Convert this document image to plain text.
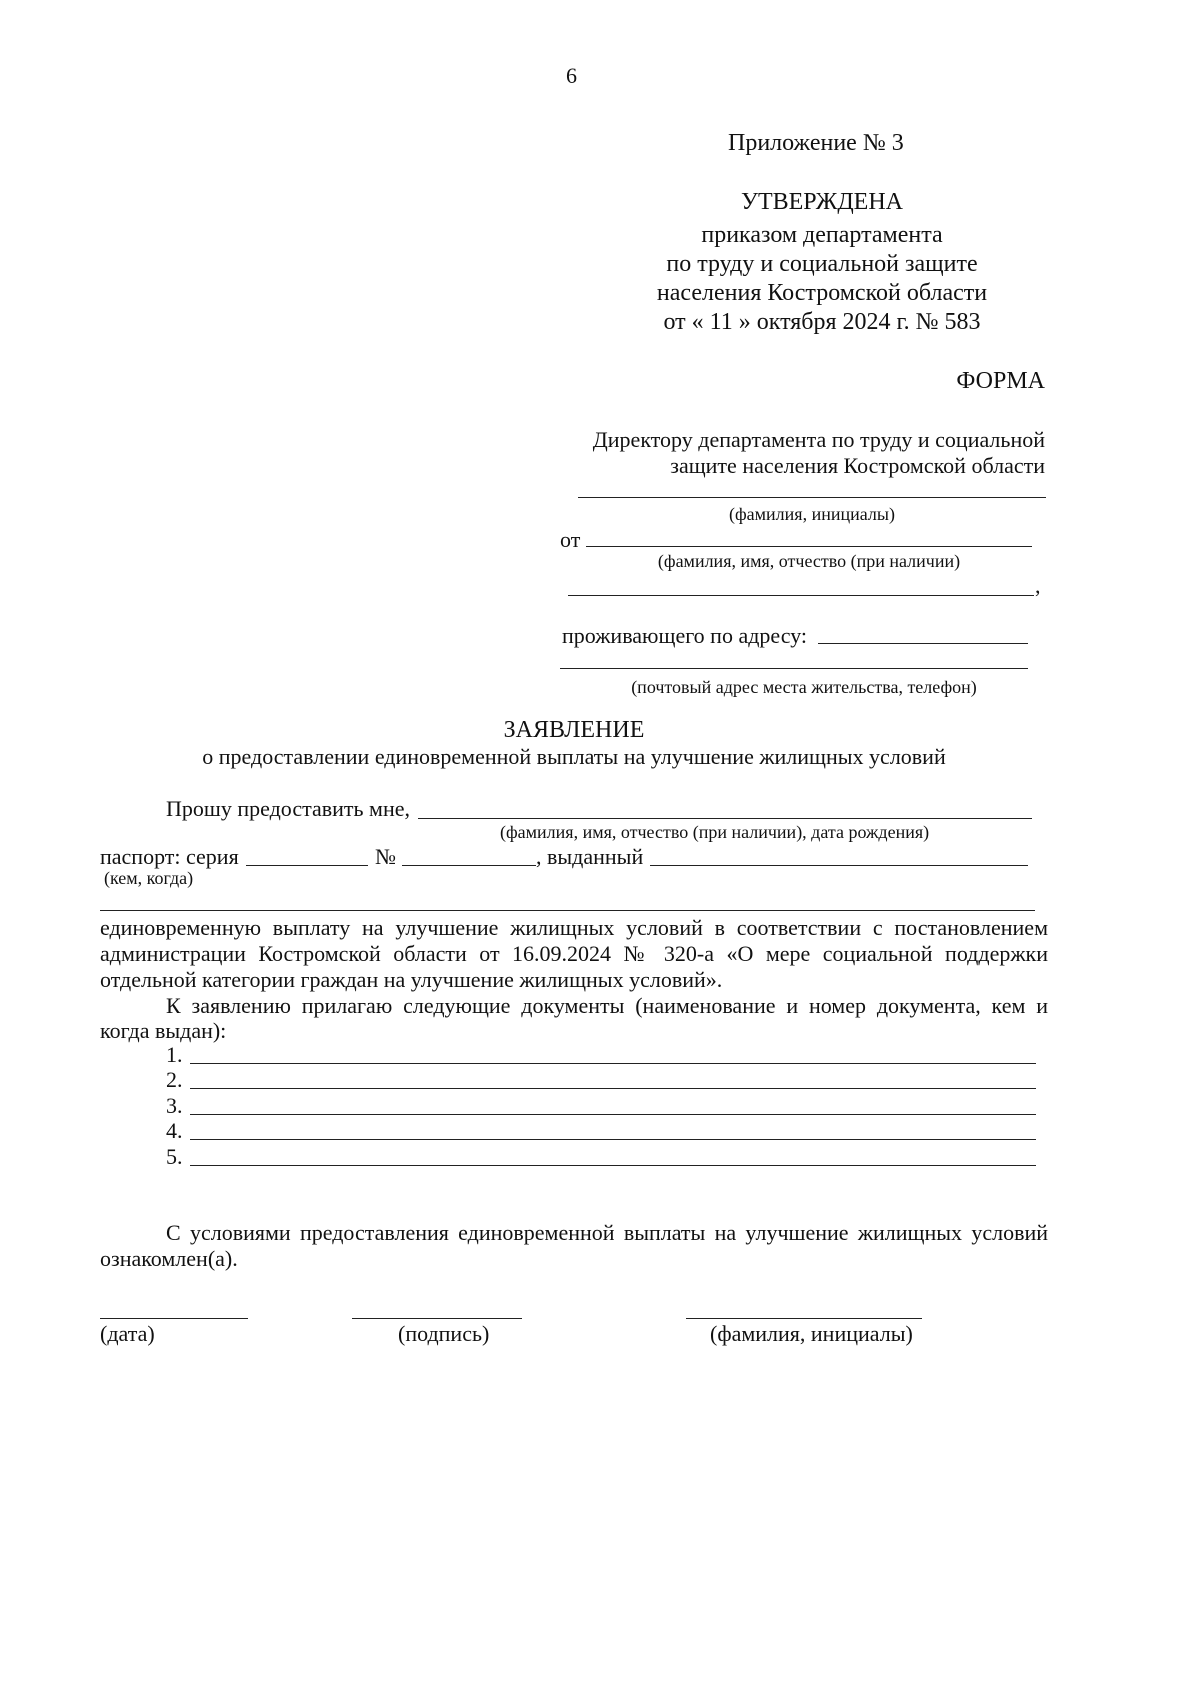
6
Приложение № 3
УТВЕРЖДЕНА
приказом департамента
по труду и социальной защите
населения Костромской области
от « 11 » октября 2024 г. № 583
ФОРМА
Директору департамента по труду и социальной
защите населения Костромской области
(фамилия, инициалы)
от
(фамилия, имя, отчество (при наличии)
,
проживающего по адресу:
(почтовый адрес места жительства, телефон)
ЗАЯВЛЕНИЕ
о предоставлении единовременной выплаты на улучшение жилищных условий
Прошу предоставить мне,
(фамилия, имя, отчество (при наличии), дата рождения)
паспорт: серия	№	, выданный
(кем, когда)
единовременную выплату на улучшение жилищных условий в соответствии с постановлением
администрации Костромской области от 16.09.2024 № 320-а «О мере социальной поддержки
отдельной категории граждан на улучшение жилищных условий».
К заявлению прилагаю следующие документы (наименование и номер документа, кем и
когда выдан):
1.
2.
3.
4.
5.
С условиями предоставления единовременной выплаты на улучшение жилищных условий
ознакомлен(а).
(дата)	(подпись)	(фамилия, инициалы)
